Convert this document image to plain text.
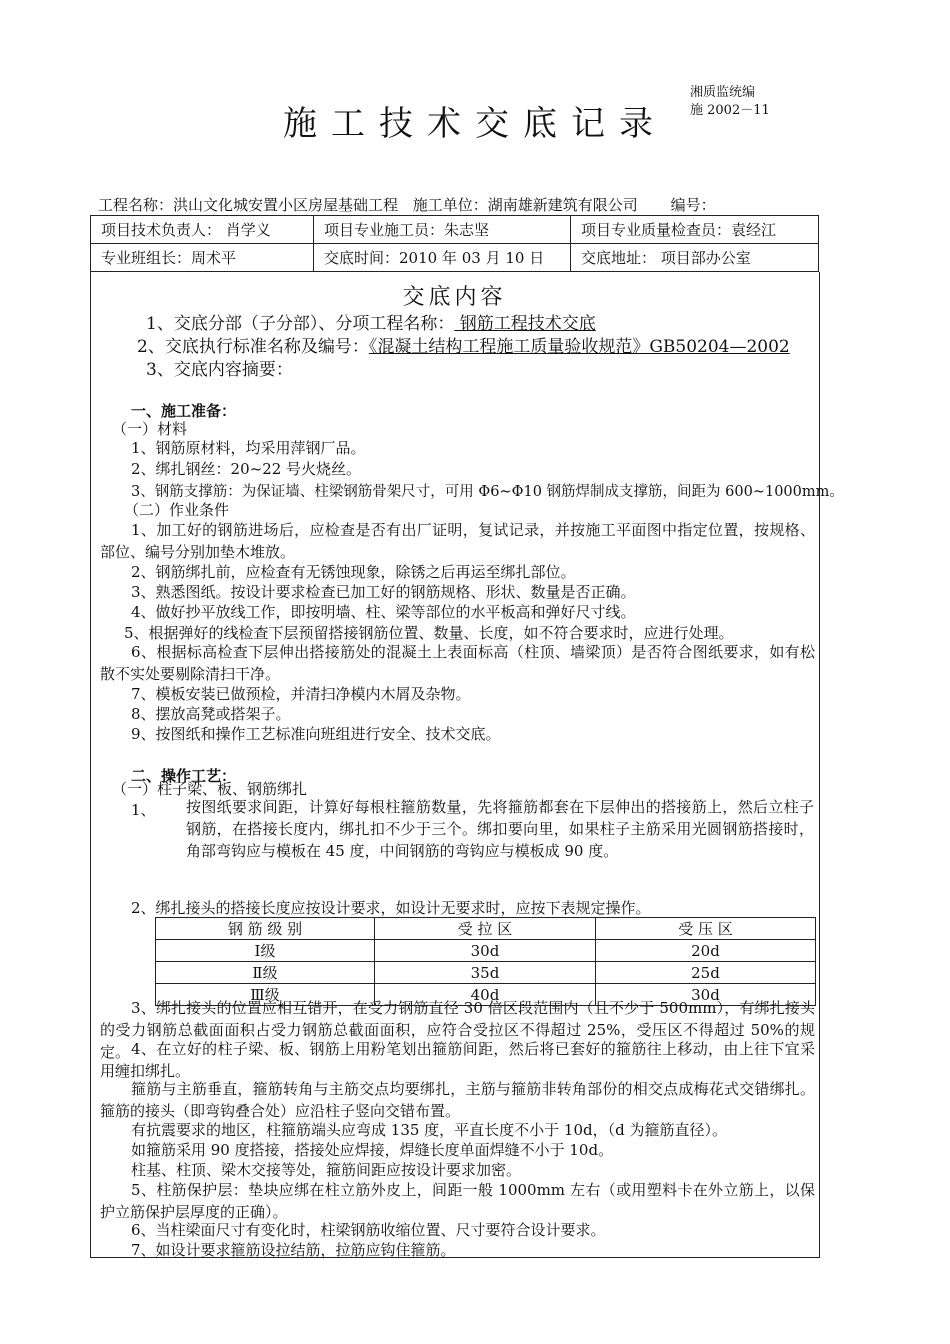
施工技术交底记录
湘质监统编
施 2002－11
工程名称：洪山文化城安置小区房屋基础工程 施工单位：湖南雄新建筑有限公司 编号：
项目技术负责人： 肖学义	项目专业施工员：朱志坚	项目专业质量检查员：袁经江
专业班组长：周术平	交底时间：2010 年 03 月 10 日	交底地址： 项目部办公室
交底内容
1、交底分部（子分部）、分项工程名称： 钢筋工程技术交底
2、交底执行标准名称及编号：《混凝土结构工程施工质量验收规范》GB50204—2002
3、交底内容摘要：
一、施工准备：
（一）材料
1、钢筋原材料，均采用萍钢厂品。
2、绑扎钢丝：20~22 号火烧丝。
3、钢筋支撑筋：为保证墙、柱梁钢筋骨架尺寸，可用 Φ6~Φ10 钢筋焊制成支撑筋，间距为 600~1000mm。
（二）作业条件
1、加工好的钢筋进场后，应检查是否有出厂证明，复试记录，并按施工平面图中指定位置，按规格、部位、编号分别加垫木堆放。
2、钢筋绑扎前，应检查有无锈蚀现象，除锈之后再运至绑扎部位。
3、熟悉图纸。按设计要求检查已加工好的钢筋规格、形状、数量是否正确。
4、做好抄平放线工作，即按明墙、柱、梁等部位的水平板高和弹好尺寸线。
5、根据弹好的线检查下层预留搭接钢筋位置、数量、长度，如不符合要求时，应进行处理。
6、根据标高检查下层伸出搭接筋处的混凝土上表面标高（柱顶、墙梁顶）是否符合图纸要求，如有松散不实处要剔除清扫干净。
7、模板安装已做预检，并清扫净模内木屑及杂物。
8、摆放高凳或搭架子。
9、按图纸和操作工艺标准向班组进行安全、技术交底。
二、操作工艺：
（一）柱子梁、板、钢筋绑扎
1、 按图纸要求间距，计算好每根柱箍筋数量，先将箍筋都套在下层伸出的搭接筋上，然后立柱子钢筋，在搭接长度内，绑扎扣不少于三个。绑扣要向里，如果柱子主筋采用光圆钢筋搭接时，角部弯钩应与模板在 45 度，中间钢筋的弯钩应与模板成 90 度。
2、绑扎接头的搭接长度应按设计要求，如设计无要求时，应按下表规定操作。
钢 筋 级 别	受 拉 区	受 压 区
Ⅰ级	30d	20d
Ⅱ级	35d	25d
Ⅲ级	40d	30d
3、绑扎接头的位置应相互错开，在受力钢筋直径 30 倍区段范围内（且不少于 500mm），有绑扎接头的受力钢筋总截面面积占受力钢筋总截面面积，应符合受拉区不得超过 25%，受压区不得超过 50%的规定。 4、在立好的柱子梁、板、钢筋上用粉笔划出箍筋间距，然后将已套好的箍筋往上移动，由上往下宜采用缠扣绑扎。
箍筋与主筋垂直，箍筋转角与主筋交点均要绑扎，主筋与箍筋非转角部份的相交点成梅花式交错绑扎。箍筋的接头（即弯钩叠合处）应沿柱子竖向交错布置。
有抗震要求的地区，柱箍筋端头应弯成 135 度，平直长度不小于 10d，（d 为箍筋直径）。
如箍筋采用 90 度搭接，搭接处应焊接，焊缝长度单面焊缝不小于 10d。
柱基、柱顶、梁木交接等处，箍筋间距应按设计要求加密。
5、柱筋保护层：垫块应绑在柱立筋外皮上，间距一般 1000mm 左右（或用塑料卡在外立筋上，以保护立筋保护层厚度的正确）。
6、当柱梁面尺寸有变化时，柱梁钢筋收缩位置、尺寸要符合设计要求。
7、如设计要求箍筋设拉结筋，拉筋应钩住箍筋。
